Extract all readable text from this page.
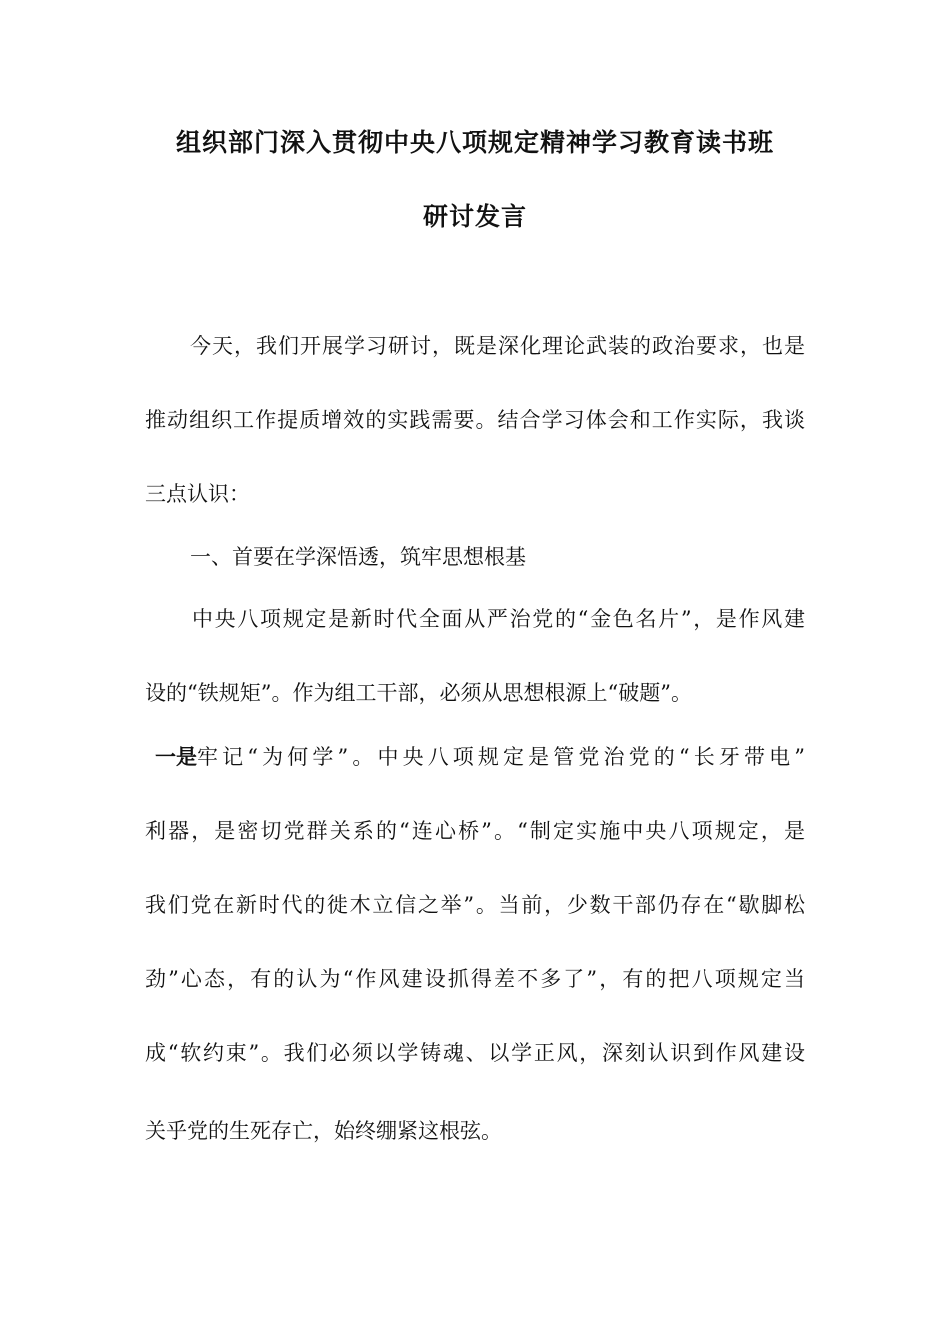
组织部门深入贯彻中央八项规定精神学习教育读书班
研讨发言
今天，我们开展学习研讨，既是深化理论武装的政治要求，也是
推动组织工作提质增效的实践需要。结合学习体会和工作实际，我谈
三点认识：
一、首要在学深悟透，筑牢思想根基
中央八项规定是新时代全面从严治党的“金色名片”，是作风建
设的“铁规矩”。作为组工干部，必须从思想根源上“破题”。
一是 牢记“为何学”。中央八项规定是管党治党的“长牙带电”
利器，是密切党群关系的“连心桥”。“制定实施中央八项规定，是
我们党在新时代的徙木立信之举”。当前，少数干部仍存在“歇脚松
劲”心态，有的认为“作风建设抓得差不多了”，有的把八项规定当
成“软约束”。我们必须以学铸魂、以学正风，深刻认识到作风建设
关乎党的生死存亡，始终绷紧这根弦。
